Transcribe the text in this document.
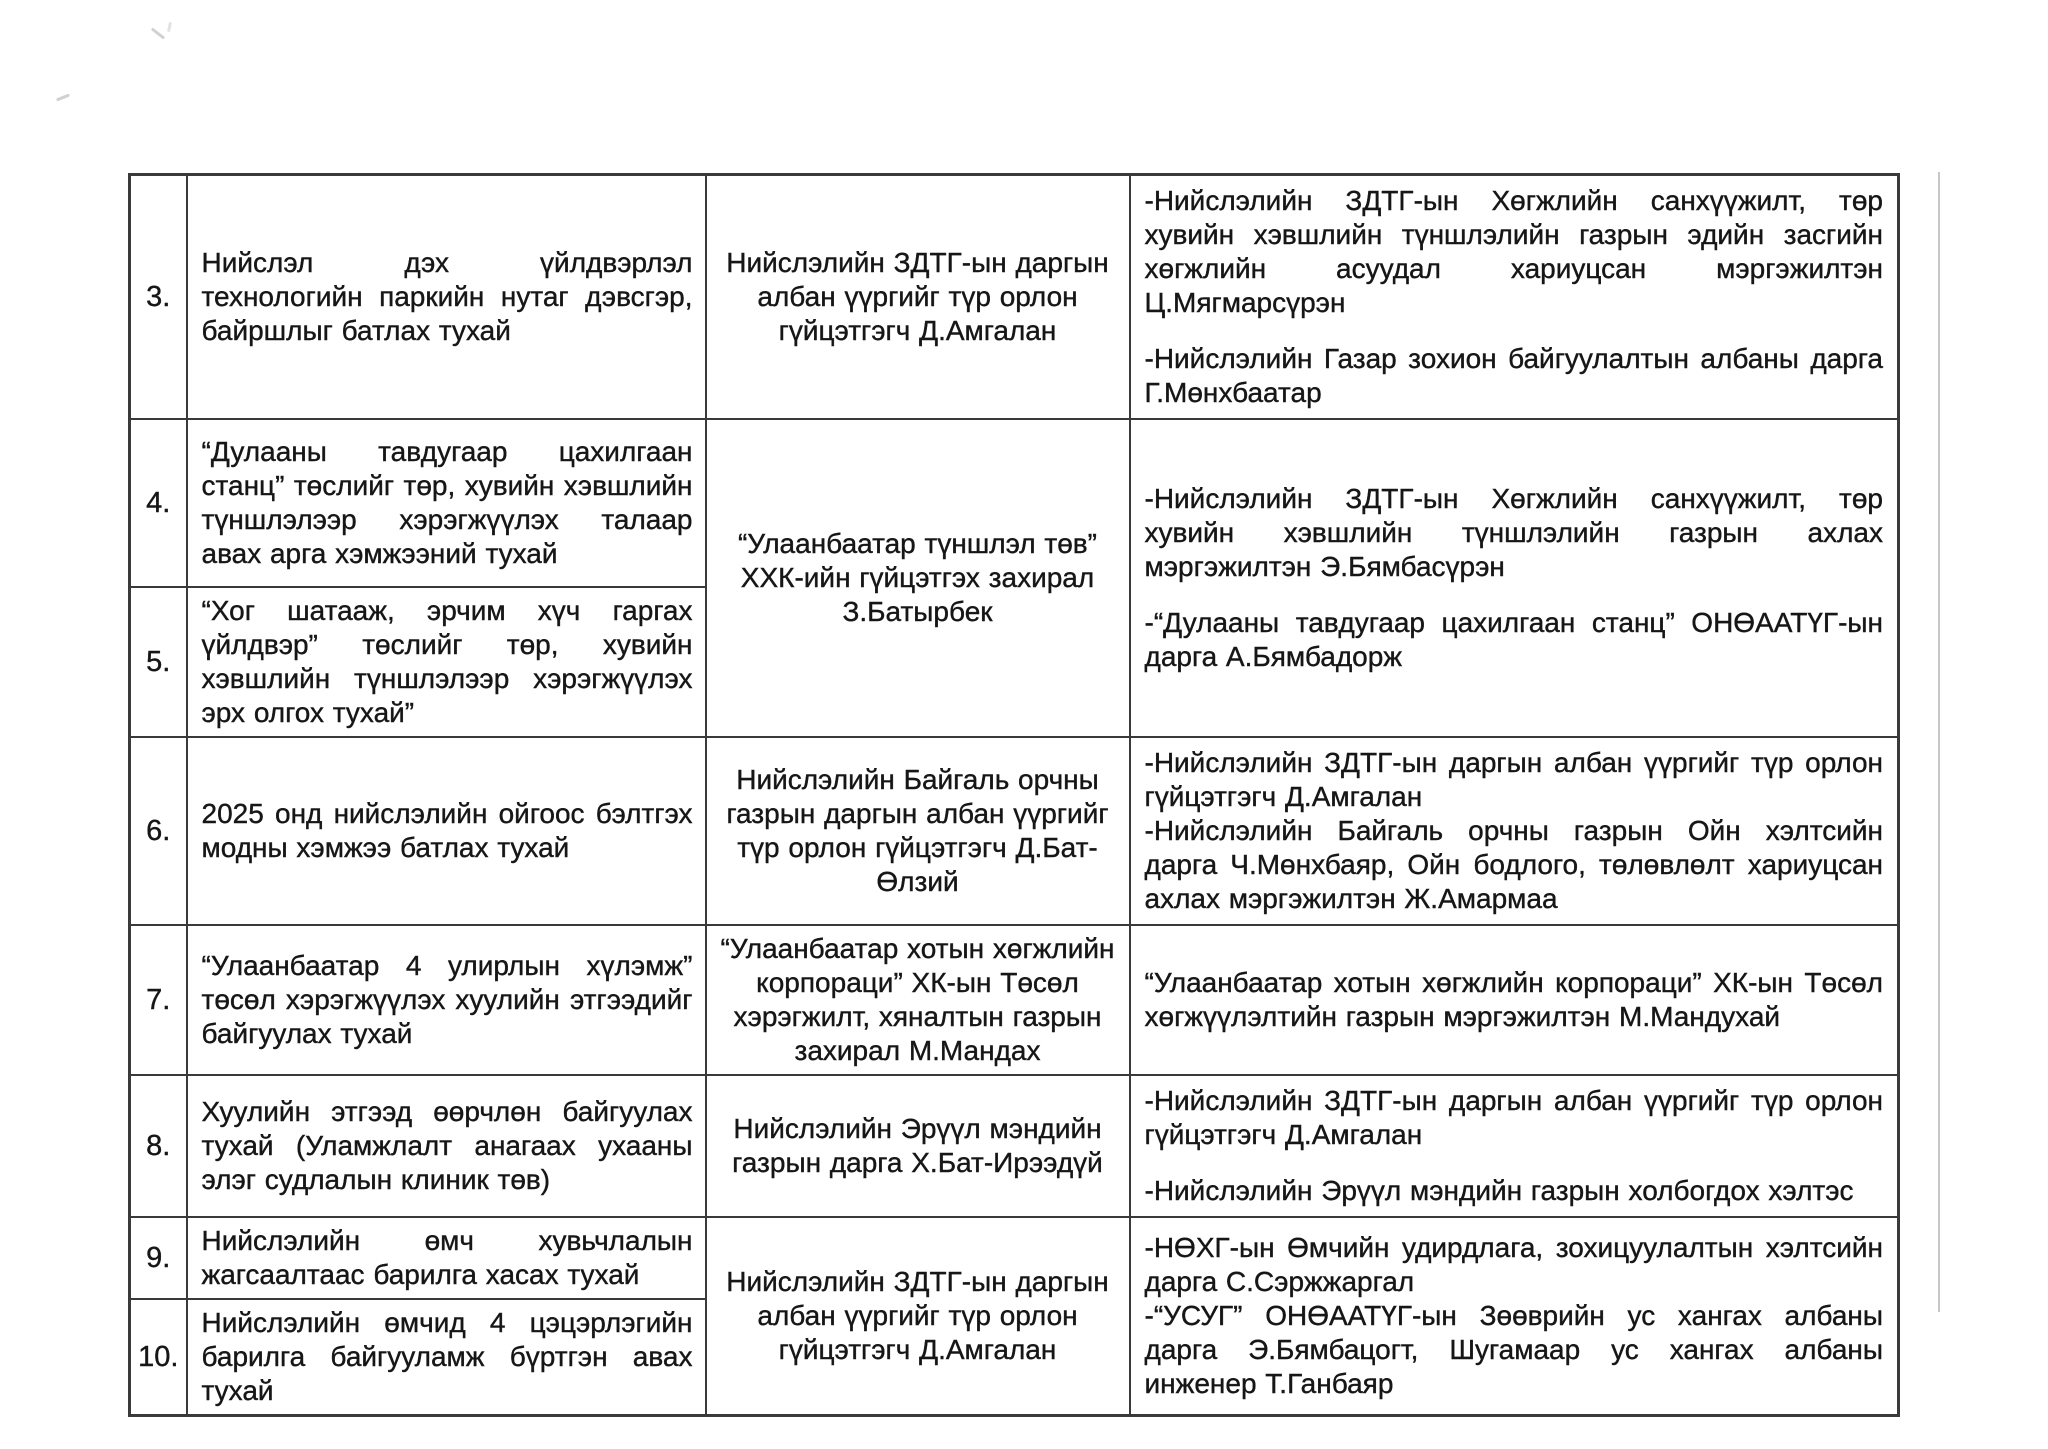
3.	Нийслэл дэх үйлдвэрлэл технологийн паркийн нутаг дэвсгэр, байршлыг батлах тухай	Нийслэлийн ЗДТГ-ын даргын албан үүргийг түр орлон гүйцэтгэгч Д.Амгалан	-Нийслэлийн ЗДТГ-ын Хөгжлийн санхүүжилт, төр хувийн хэвшлийн түншлэлийн газрын эдийн засгийн хөгжлийн асуудал хариуцсан мэргэжилтэн Ц.Мягмарсүрэн

-Нийслэлийн Газар зохион байгуулалтын албаны дарга Г.Мөнхбаатар

4.	“Дулааны тавдугаар цахилгаан станц” төслийг төр, хувийн хэвшлийн түншлэлээр хэрэгжүүлэх талаар авах арга хэмжээний тухай	“Улаанбаатар түншлэл төв” ХХК-ийн гүйцэтгэх захирал З.Батырбек	-Нийслэлийн ЗДТГ-ын Хөгжлийн санхүүжилт, төр хувийн хэвшлийн түншлэлийн газрын ахлах мэргэжилтэн Э.Бямбасүрэн

-“Дулааны тавдугаар цахилгаан станц” ОНӨААТҮГ-ын дарга А.Бямбадорж

5.	“Хог шатааж, эрчим хүч гаргах үйлдвэр” төслийг төр, хувийн хэвшлийн түншлэлээр хэрэгжүүлэх эрх олгох тухай”		
6.	2025 онд нийслэлийн ойгоос бэлтгэх модны хэмжээ батлах тухай	Нийслэлийн Байгаль орчны газрын даргын албан үүргийг түр орлон гүйцэтгэгч Д.Бат-Өлзий	-Нийслэлийн ЗДТГ-ын даргын албан үүргийг түр орлон гүйцэтгэгч Д.Амгалан

-Нийслэлийн Байгаль орчны газрын Ойн хэлтсийн дарга Ч.Мөнхбаяр, Ойн бодлого, төлөвлөлт хариуцсан ахлах мэргэжилтэн Ж.Амармаа

7.	“Улаанбаатар 4 улирлын хүлэмж” төсөл хэрэгжүүлэх хуулийн этгээдийг байгуулах тухай	“Улаанбаатар хотын хөгжлийн корпораци” ХК-ын Төсөл хэрэгжилт, хяналтын газрын захирал М.Мандах	“Улаанбаатар хотын хөгжлийн корпораци” ХК-ын Төсөл хөгжүүлэлтийн газрын мэргэжилтэн М.Мандухай

8.	Хуулийн этгээд өөрчлөн байгуулах тухай (Уламжлалт анагаах ухааны элэг судлалын клиник төв)	Нийслэлийн Эрүүл мэндийн газрын дарга Х.Бат-Ирээдүй	-Нийслэлийн ЗДТГ-ын даргын албан үүргийг түр орлон гүйцэтгэгч Д.Амгалан

-Нийслэлийн Эрүүл мэндийн газрын холбогдох хэлтэс

9.	Нийслэлийн өмч хувьчлалын жагсаалтаас барилга хасах тухай	Нийслэлийн ЗДТГ-ын даргын албан үүргийг түр орлон гүйцэтгэгч Д.Амгалан	-НӨХГ-ын Өмчийн удирдлага, зохицуулалтын хэлтсийн дарга С.Сэржжаргал

-“УСУГ” ОНӨААТҮГ-ын Зөөврийн ус хангах албаны дарга Э.Бямбацогт, Шугамаар ус хангах албаны инженер Т.Ганбаяр

10.	Нийслэлийн өмчид 4 цэцэрлэгийн барилга байгууламж бүртгэн авах тухай		
